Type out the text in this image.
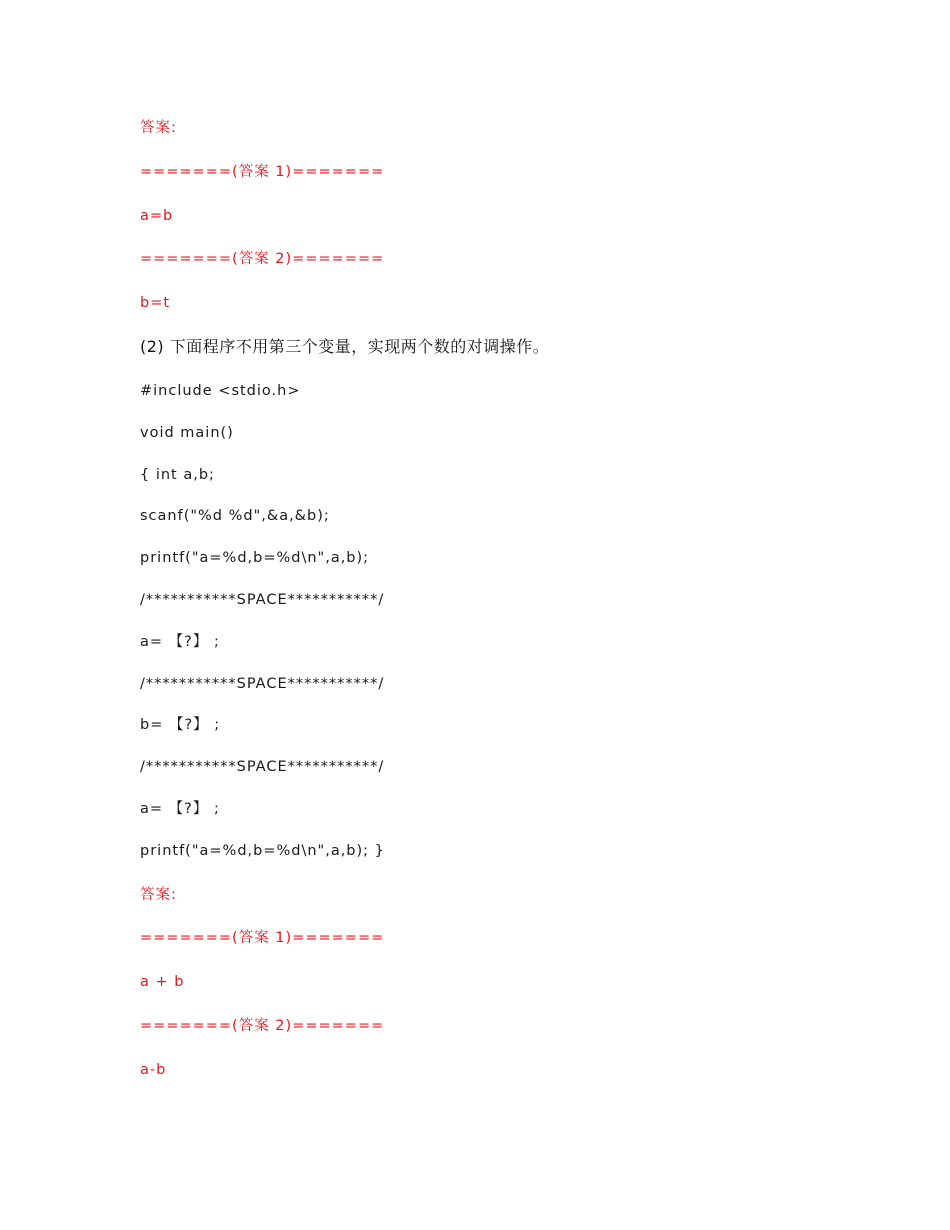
答案:
=======(答案 1)=======
a=b
=======(答案 2)=======
b=t
(2) 下面程序不用第三个变量，实现两个数的对调操作。
#include <stdio.h>
void main()
{ int a,b;
scanf("%d %d",&a,&b);
printf("a=%d,b=%d\n",a,b);
/***********SPACE***********/
a= 【?】 ;
/***********SPACE***********/
b= 【?】 ;
/***********SPACE***********/
a= 【?】 ;
printf("a=%d,b=%d\n",a,b); }
答案:
=======(答案 1)=======
a + b
=======(答案 2)=======
a-b
